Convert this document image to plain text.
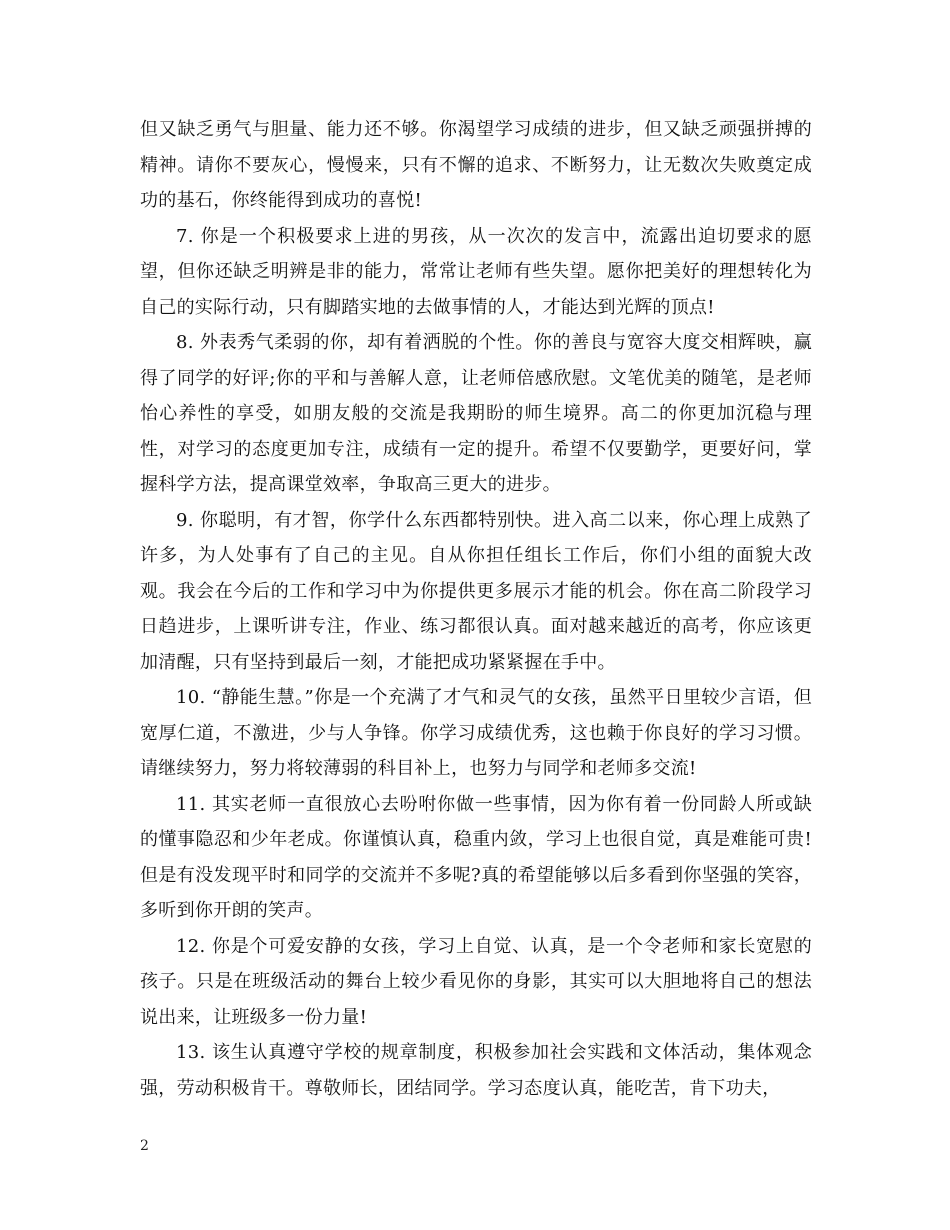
但又缺乏勇气与胆量、能力还不够。你渴望学习成绩的进步，但又缺乏顽强拼搏的精神。请你不要灰心，慢慢来，只有不懈的追求、不断努力，让无数次失败奠定成功的基石，你终能得到成功的喜悦!

7. 你是一个积极要求上进的男孩，从一次次的发言中，流露出迫切要求的愿望，但你还缺乏明辨是非的能力，常常让老师有些失望。愿你把美好的理想转化为自己的实际行动，只有脚踏实地的去做事情的人，才能达到光辉的顶点!

8. 外表秀气柔弱的你，却有着洒脱的个性。你的善良与宽容大度交相辉映，赢得了同学的好评;你的平和与善解人意，让老师倍感欣慰。文笔优美的随笔，是老师怡心养性的享受，如朋友般的交流是我期盼的师生境界。高二的你更加沉稳与理性，对学习的态度更加专注，成绩有一定的提升。希望不仅要勤学，更要好问，掌握科学方法，提高课堂效率，争取高三更大的进步。

9. 你聪明，有才智，你学什么东西都特别快。进入高二以来，你心理上成熟了许多，为人处事有了自己的主见。自从你担任组长工作后，你们小组的面貌大改观。我会在今后的工作和学习中为你提供更多展示才能的机会。你在高二阶段学习日趋进步，上课听讲专注，作业、练习都很认真。面对越来越近的高考，你应该更加清醒，只有坚持到最后一刻，才能把成功紧紧握在手中。

10. “静能生慧。”你是一个充满了才气和灵气的女孩，虽然平日里较少言语，但宽厚仁道，不激进，少与人争锋。你学习成绩优秀，这也赖于你良好的学习习惯。请继续努力，努力将较薄弱的科目补上，也努力与同学和老师多交流!

11. 其实老师一直很放心去吩咐你做一些事情，因为你有着一份同龄人所或缺的懂事隐忍和少年老成。你谨慎认真，稳重内敛，学习上也很自觉，真是难能可贵!但是有没发现平时和同学的交流并不多呢?真的希望能够以后多看到你坚强的笑容，多听到你开朗的笑声。

12. 你是个可爱安静的女孩，学习上自觉、认真，是一个令老师和家长宽慰的孩子。只是在班级活动的舞台上较少看见你的身影，其实可以大胆地将自己的想法说出来，让班级多一份力量!

13. 该生认真遵守学校的规章制度，积极参加社会实践和文体活动，集体观念强，劳动积极肯干。尊敬师长，团结同学。学习态度认真，能吃苦，肯下功夫，

2
